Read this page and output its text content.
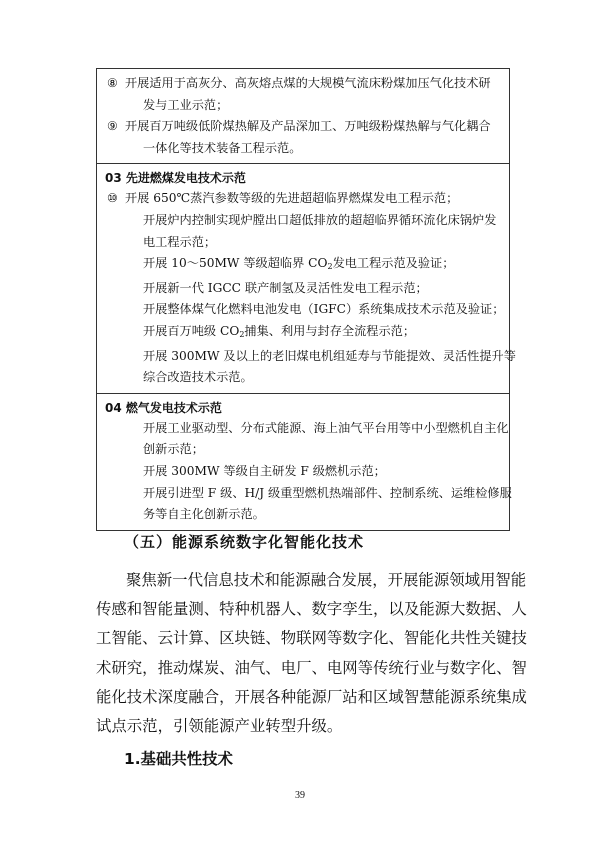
⑧ 开展适用于高灰分、高灰熔点煤的大规模气流床粉煤加压气化技术研
发与工业示范；
⑨ 开展百万吨级低阶煤热解及产品深加工、万吨级粉煤热解与气化耦合
一体化等技术装备工程示范。
03 先进燃煤发电技术示范
⑩ 开展 650℃蒸汽参数等级的先进超超临界燃煤发电工程示范；
开展炉内控制实现炉膛出口超低排放的超超临界循环流化床锅炉发
电工程示范；
开展 10～50MW 等级超临界 $CO_2$发电工程示范及验证；
开展新一代 IGCC 联产制氢及灵活性发电工程示范；
开展整体煤气化燃料电池发电（IGFC）系统集成技术示范及验证；
开展百万吨级 $CO_2$捕集、利用与封存全流程示范；
开展 300MW 及以上的老旧煤电机组延寿与节能提效、灵活性提升等
综合改造技术示范。
04 燃气发电技术示范
开展工业驱动型、分布式能源、海上油气平台用等中小型燃机自主化
创新示范；
开展 300MW 等级自主研发 F 级燃机示范；
开展引进型 F 级、H/J 级重型燃机热端部件、控制系统、运维检修服
务等自主化创新示范。
（五）能源系统数字化智能化技术
聚焦新一代信息技术和能源融合发展，开展能源领域用智能
传感和智能量测、特种机器人、数字孪生，以及能源大数据、人
工智能、云计算、区块链、物联网等数字化、智能化共性关键技
术研究，推动煤炭、油气、电厂、电网等传统行业与数字化、智
能化技术深度融合，开展各种能源厂站和区域智慧能源系统集成
试点示范，引领能源产业转型升级。
1.基础共性技术
39
